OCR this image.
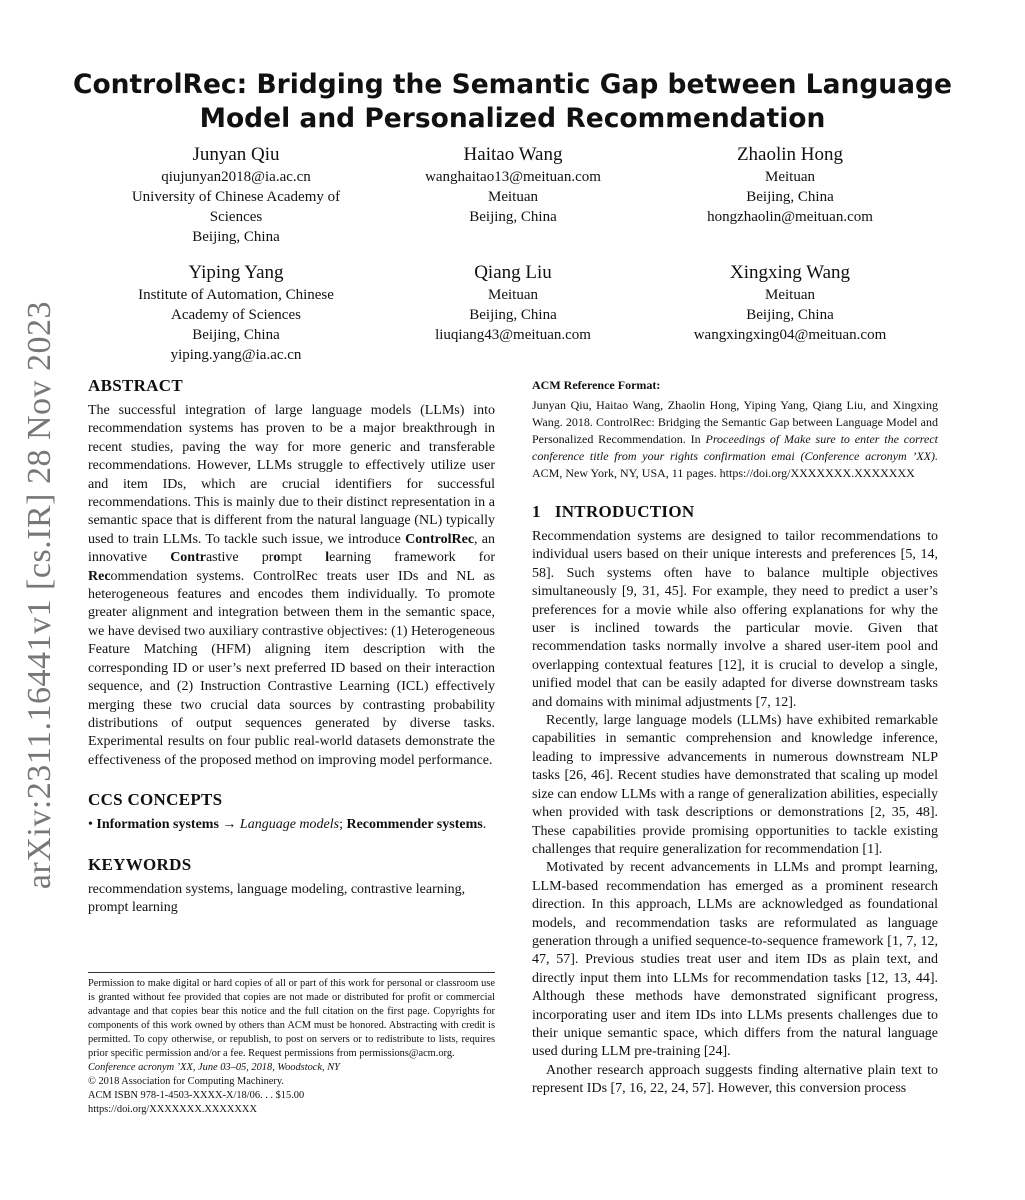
arXiv:2311.16441v1 [cs.IR] 28 Nov 2023
ControlRec: Bridging the Semantic Gap between Language Model and Personalized Recommendation
Junyan Qiu
qiujunyan2018@ia.ac.cn
University of Chinese Academy of
Sciences
Beijing, China
Haitao Wang
wanghaitao13@meituan.com
Meituan
Beijing, China
Zhaolin Hong
Meituan
Beijing, China
hongzhaolin@meituan.com
Yiping Yang
Institute of Automation, Chinese
Academy of Sciences
Beijing, China
yiping.yang@ia.ac.cn
Qiang Liu
Meituan
Beijing, China
liuqiang43@meituan.com
Xingxing Wang
Meituan
Beijing, China
wangxingxing04@meituan.com
ABSTRACT

The successful integration of large language models (LLMs) into recommendation systems has proven to be a major breakthrough in recent studies, paving the way for more generic and transferable recommendations. However, LLMs struggle to effectively utilize user and item IDs, which are crucial identifiers for successful recommendations. This is mainly due to their distinct representation in a semantic space that is different from the natural language (NL) typically used to train LLMs. To tackle such issue, we introduce ControlRec, an innovative Contrastive prompt learning framework for Recommendation systems. ControlRec treats user IDs and NL as heterogeneous features and encodes them individually. To promote greater alignment and integration between them in the semantic space, we have devised two auxiliary contrastive objectives: (1) Heterogeneous Feature Matching (HFM) aligning item description with the corresponding ID or user’s next preferred ID based on their interaction sequence, and (2) Instruction Contrastive Learning (ICL) effectively merging these two crucial data sources by contrasting probability distributions of output sequences generated by diverse tasks. Experimental results on four public real-world datasets demonstrate the effectiveness of the proposed method on improving model performance.

CCS CONCEPTS

• Information systems → Language models; Recommender systems.

KEYWORDS

recommendation systems, language modeling, contrastive learning, prompt learning

Permission to make digital or hard copies of all or part of this work for personal or classroom use is granted without fee provided that copies are not made or distributed for profit or commercial advantage and that copies bear this notice and the full citation on the first page. Copyrights for components of this work owned by others than ACM must be honored. Abstracting with credit is permitted. To copy otherwise, or republish, to post on servers or to redistribute to lists, requires prior specific permission and/or a fee. Request permissions from permissions@acm.org.

Conference acronym ’XX, June 03–05, 2018, Woodstock, NY

© 2018 Association for Computing Machinery.

ACM ISBN 978-1-4503-XXXX-X/18/06. . . $15.00

https://doi.org/XXXXXXX.XXXXXXX

ACM Reference Format:

Junyan Qiu, Haitao Wang, Zhaolin Hong, Yiping Yang, Qiang Liu, and Xingxing Wang. 2018. ControlRec: Bridging the Semantic Gap between Language Model and Personalized Recommendation. In Proceedings of Make sure to enter the correct conference title from your rights confirmation emai (Conference acronym ’XX). ACM, New York, NY, USA, 11 pages. https://doi.org/XXXXXXX.XXXXXXX

1 INTRODUCTION

Recommendation systems are designed to tailor recommendations to individual users based on their unique interests and preferences [5, 14, 58]. Such systems often have to balance multiple objectives simultaneously [9, 31, 45]. For example, they need to predict a user’s preferences for a movie while also offering explanations for why the user is inclined towards the particular movie. Given that recommendation tasks normally involve a shared user-item pool and overlapping contextual features [12], it is crucial to develop a single, unified model that can be easily adapted for diverse downstream tasks and domains with minimal adjustments [7, 12].

Recently, large language models (LLMs) have exhibited remarkable capabilities in semantic comprehension and knowledge inference, leading to impressive advancements in numerous downstream NLP tasks [26, 46]. Recent studies have demonstrated that scaling up model size can endow LLMs with a range of generalization abilities, especially when provided with task descriptions or demonstrations [2, 35, 48]. These capabilities provide promising opportunities to tackle existing challenges that require generalization for recommendation [1].

Motivated by recent advancements in LLMs and prompt learning, LLM-based recommendation has emerged as a prominent research direction. In this approach, LLMs are acknowledged as foundational models, and recommendation tasks are reformulated as language generation through a unified sequence-to-sequence framework [1, 7, 12, 47, 57]. Previous studies treat user and item IDs as plain text, and directly input them into LLMs for recommendation tasks [12, 13, 44]. Although these methods have demonstrated significant progress, incorporating user and item IDs into LLMs presents challenges due to their unique semantic space, which differs from the natural language used during LLM pre-training [24].

Another research approach suggests finding alternative plain text to represent IDs [7, 16, 22, 24, 57]. However, this conversion process
